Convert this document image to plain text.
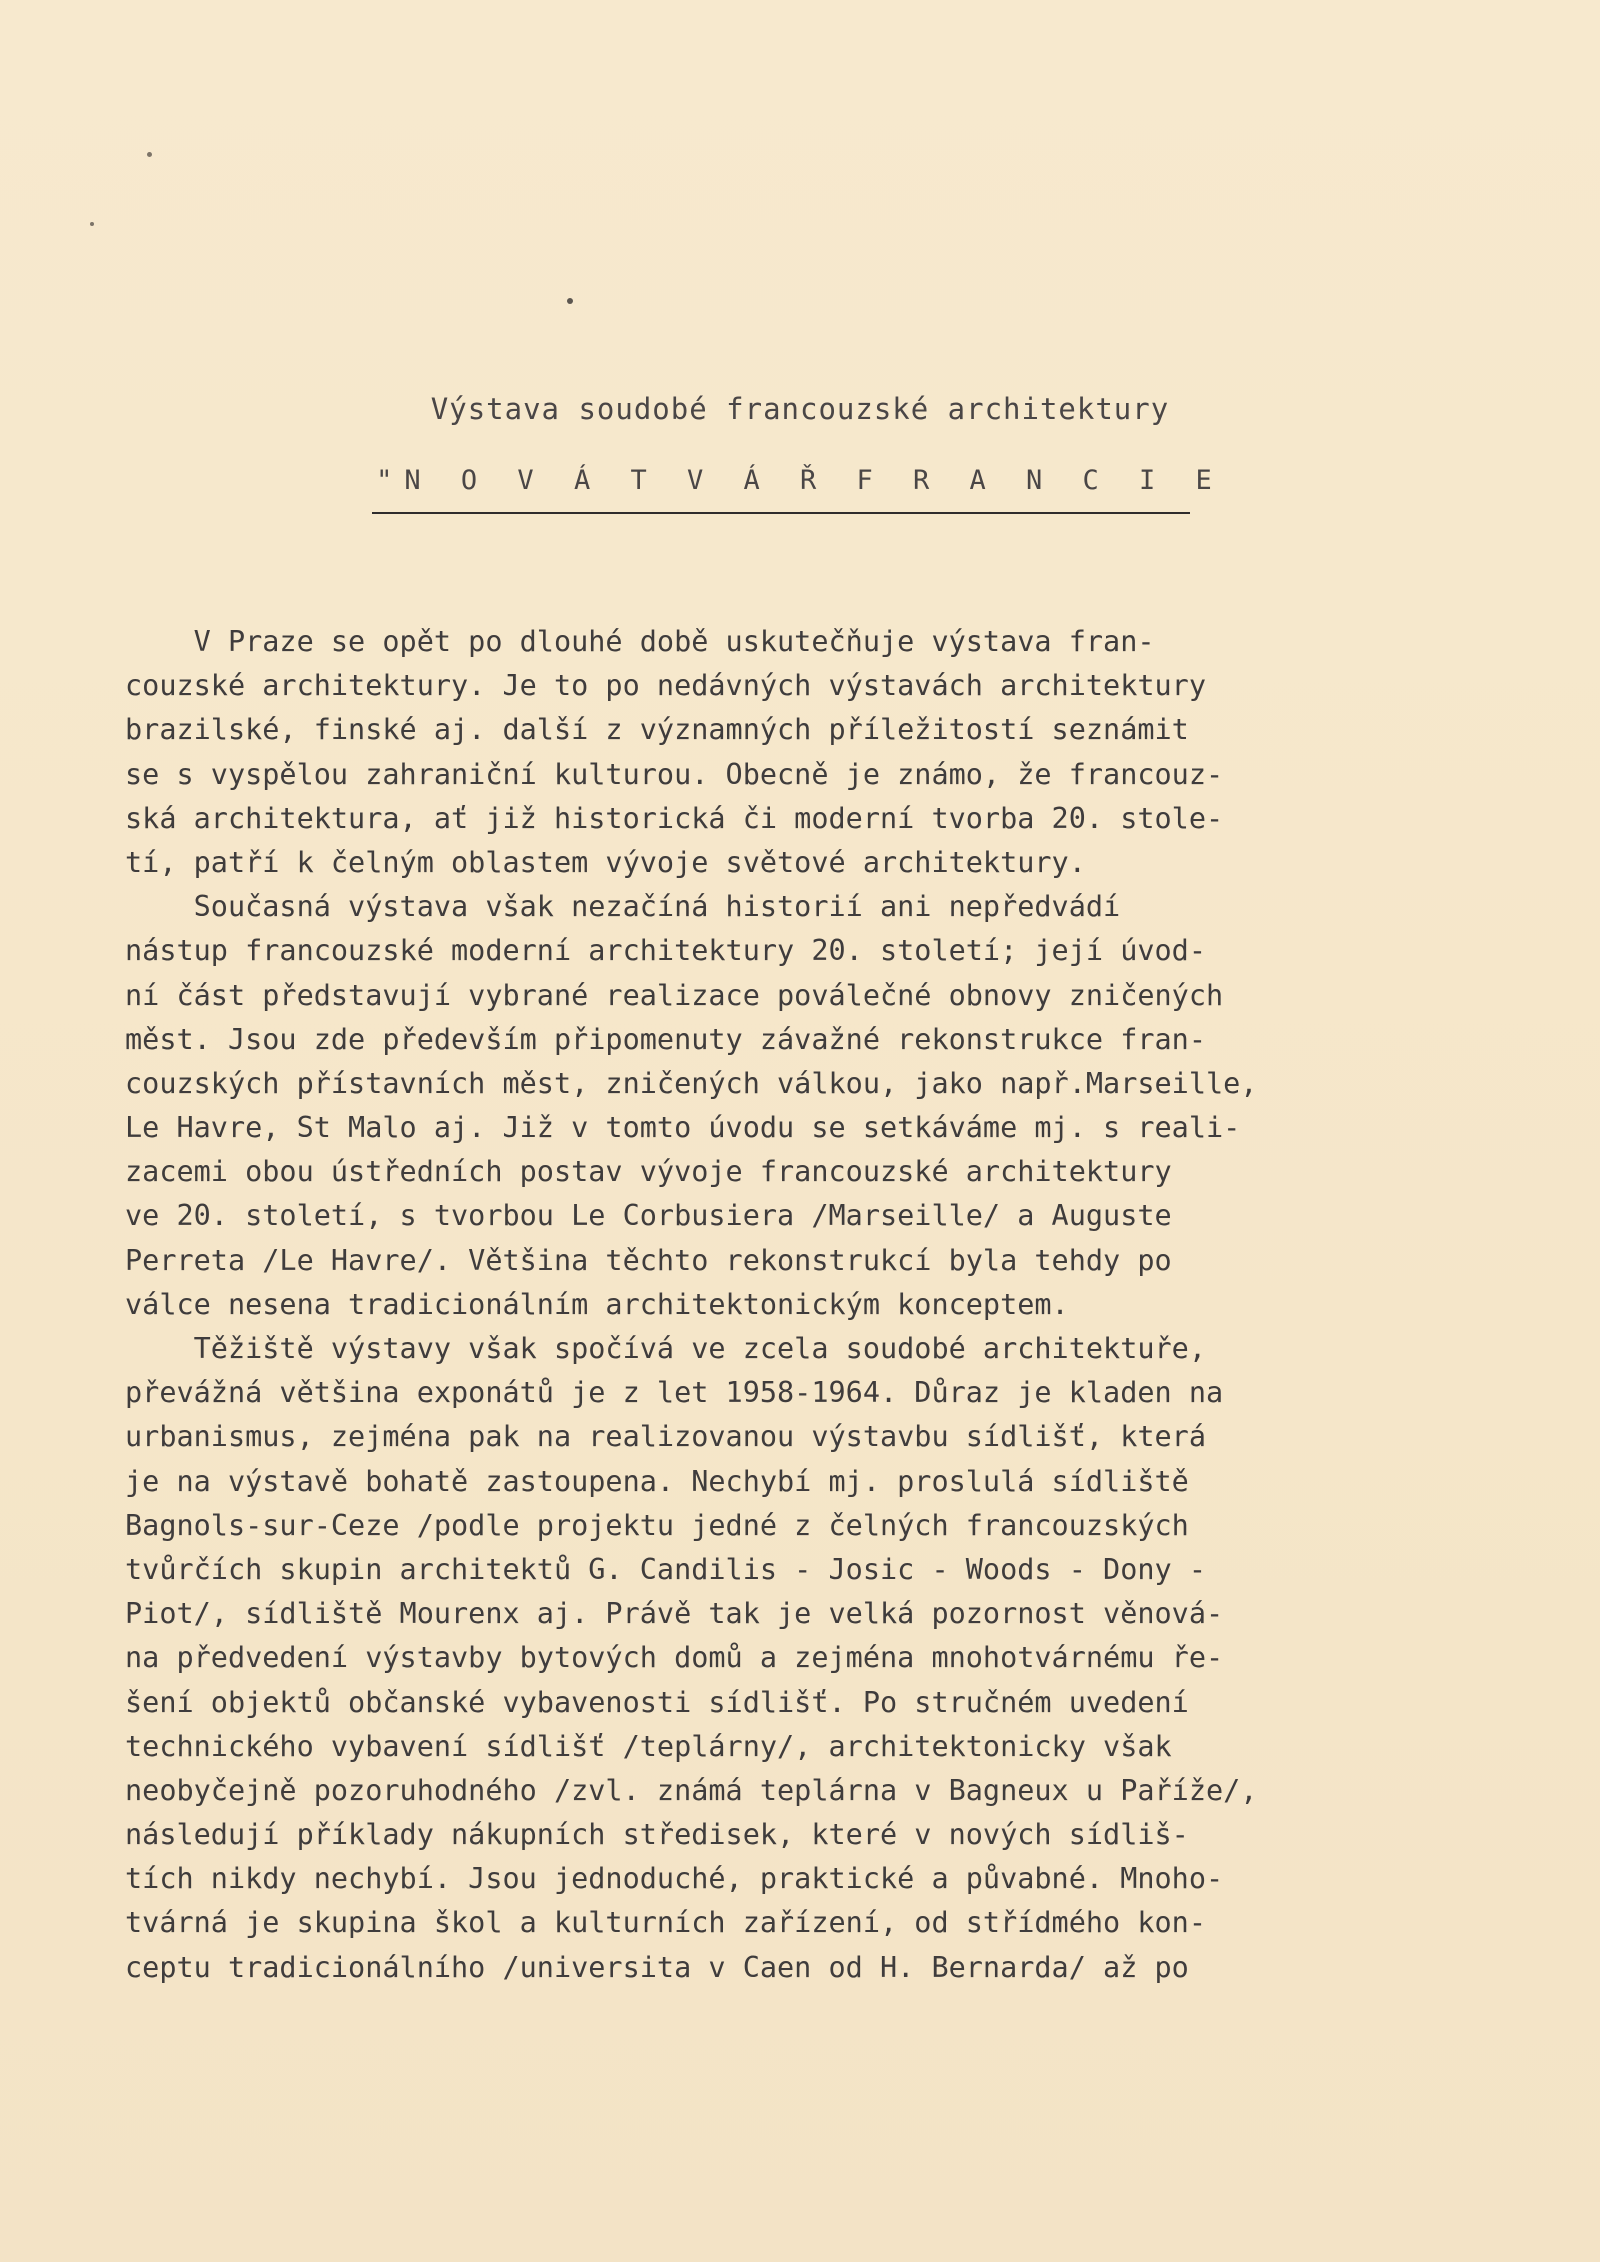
Výstava soudobé francouzské architektury
"N O V Á T V Á Ř F R A N C I E
V Praze se opět po dlouhé době uskutečňuje výstava fran-
couzské architektury. Je to po nedávných výstavách architektury
brazilské, finské aj. další z významných příležitostí seznámit
se s vyspělou zahraniční kulturou. Obecně je známo, že francouz-
ská architektura, ať již historická či moderní tvorba 20. stole-
tí, patří k čelným oblastem vývoje světové architektury.
Současná výstava však nezačíná historií ani nepředvádí
nástup francouzské moderní architektury 20. století; její úvod-
ní část představují vybrané realizace poválečné obnovy zničených
měst. Jsou zde především připomenuty závažné rekonstrukce fran-
couzských přístavních měst, zničených válkou, jako např.Marseille,
Le Havre, St Malo aj. Již v tomto úvodu se setkáváme mj. s reali-
zacemi obou ústředních postav vývoje francouzské architektury
ve 20. století, s tvorbou Le Corbusiera /Marseille/ a Auguste
Perreta /Le Havre/. Většina těchto rekonstrukcí byla tehdy po
válce nesena tradicionálním architektonickým konceptem.
Těžiště výstavy však spočívá ve zcela soudobé architektuře,
převážná většina exponátů je z let 1958-1964. Důraz je kladen na
urbanismus, zejména pak na realizovanou výstavbu sídlišť, která
je na výstavě bohatě zastoupena. Nechybí mj. proslulá sídliště
Bagnols-sur-Ceze /podle projektu jedné z čelných francouzských
tvůrčích skupin architektů G. Candilis - Josic - Woods - Dony -
Piot/, sídliště Mourenx aj. Právě tak je velká pozornost věnová-
na předvedení výstavby bytových domů a zejména mnohotvárnému ře-
šení objektů občanské vybavenosti sídlišť. Po stručném uvedení
technického vybavení sídlišť /teplárny/, architektonicky však
neobyčejně pozoruhodného /zvl. známá teplárna v Bagneux u Paříže/,
následují příklady nákupních středisek, které v nových sídliš-
tích nikdy nechybí. Jsou jednoduché, praktické a půvabné. Mnoho-
tvárná je skupina škol a kulturních zařízení, od střídmého kon-
ceptu tradicionálního /universita v Caen od H. Bernarda/ až po
